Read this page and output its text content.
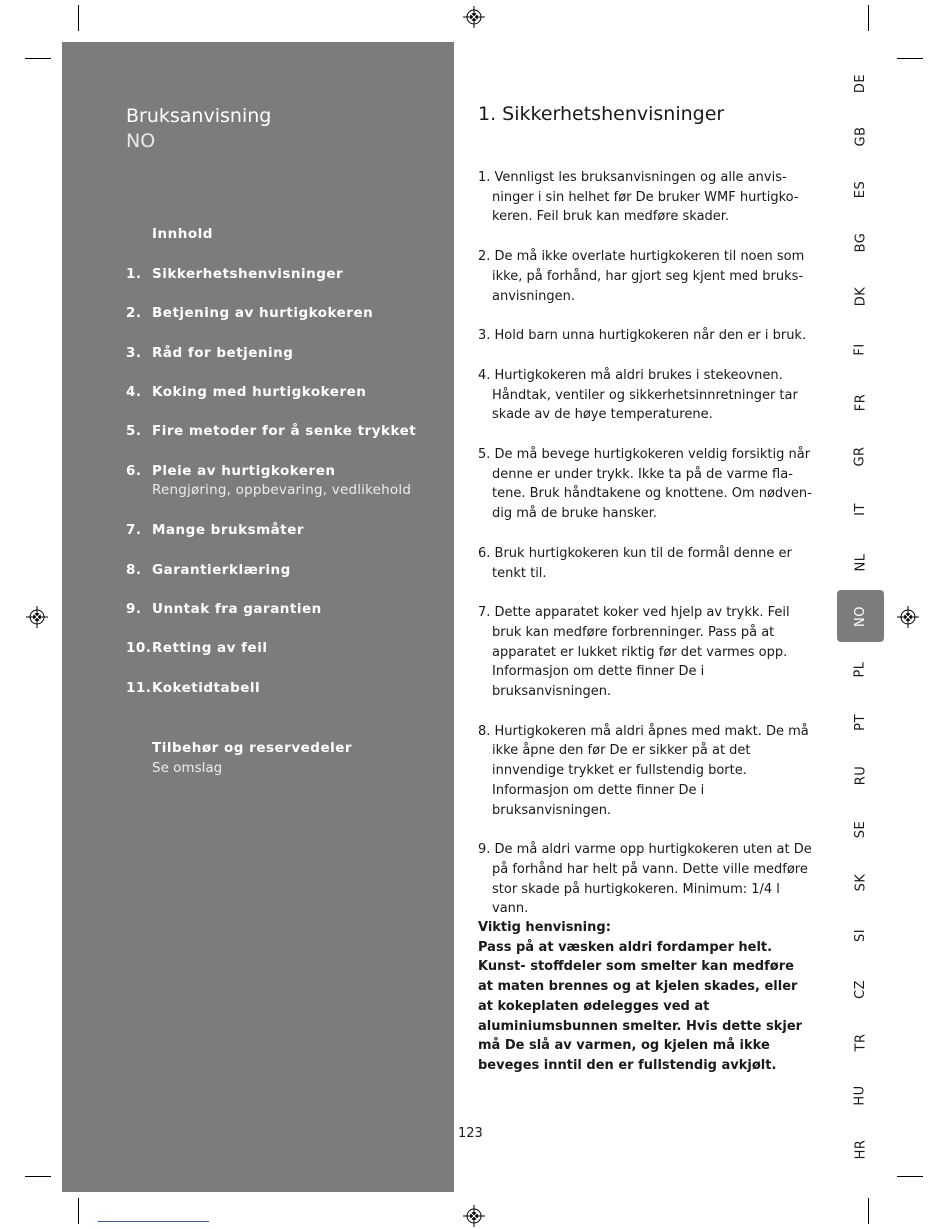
Bruksanvisning
NO
Innhold
1. Sikkerhetshenvisninger
2. Betjening av hurtigkokeren
3. Råd for betjening
4. Koking med hurtigkokeren
5. Fire metoder for å senke trykket
6. Pleie av hurtigkokeren
Rengjøring, oppbevaring, vedlikehold
7. Mange bruksmåter
8. Garantierklæring
9. Unntak fra garantien
10. Retting av feil
11. Koketidtabell
Tilbehør og reservedeler
Se omslag
1. Sikkerhetshenvisninger
1. Vennligst les bruksanvisningen og alle anvis- ninger i sin helhet før De bruker WMF hurtigko- keren. Feil bruk kan medføre skader.
2. De må ikke overlate hurtigkokeren til noen som ikke, på forhånd, har gjort seg kjent med bruks- anvisningen.
3. Hold barn unna hurtigkokeren når den er i bruk.
4. Hurtigkokeren må aldri brukes i stekeovnen. Håndtak, ventiler og sikkerhetsinnretninger tar skade av de høye temperaturene.
5. De må bevege hurtigkokeren veldig forsiktig når denne er under trykk. Ikke ta på de varme fla- tene. Bruk håndtakene og knottene. Om nødven- dig må de bruke hansker.
6. Bruk hurtigkokeren kun til de formål denne er tenkt til.
7. Dette apparatet koker ved hjelp av trykk. Feil bruk kan medføre forbrenninger. Pass på at apparatet er lukket riktig før det varmes opp. Informasjon om dette finner De i bruksanvisningen.
8. Hurtigkokeren må aldri åpnes med makt. De må ikke åpne den før De er sikker på at det innvendige trykket er fullstendig borte. Informasjon om dette finner De i bruksanvisningen.
9. De må aldri varme opp hurtigkokeren uten at De på forhånd har helt på vann. Dette ville medføre stor skade på hurtigkokeren. Minimum: 1/4 l vann.

Viktig henvisning:

Pass på at væsken aldri fordamper helt. Kunst- stoffdeler som smelter kan medføre at maten brennes og at kjelen skades, eller at kokeplaten ødelegges ved at aluminiumsbunnen smelter. Hvis dette skjer må De slå av varmen, og kjelen må ikke beveges inntil den er fullstendig avkjølt.

123
DE
GB
ES
BG
DK
FI
FR
GR
IT
NL
NO
PL
PT
RU
SE
SK
SI
CZ
TR
HU
HR
